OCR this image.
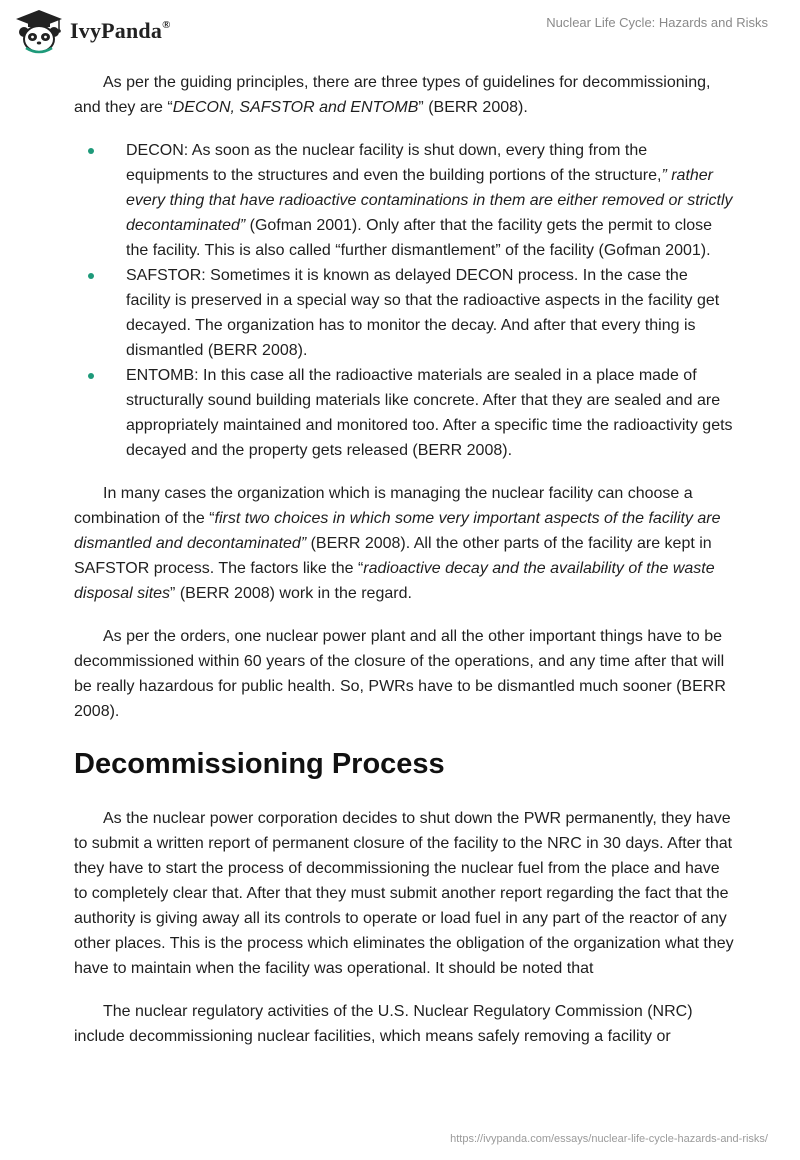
IvyPanda®	Nuclear Life Cycle: Hazards and Risks

As per the guiding principles, there are three types of guidelines for decommissioning, and they are “DECON, SAFSTOR and ENTOMB” (BERR 2008).

DECON: As soon as the nuclear facility is shut down, every thing from the equipments to the structures and even the building portions of the structure,” rather every thing that have radioactive contaminations in them are either removed or strictly decontaminated” (Gofman 2001). Only after that the facility gets the permit to close the facility. This is also called “further dismantlement” of the facility (Gofman 2001).
SAFSTOR: Sometimes it is known as delayed DECON process. In the case the facility is preserved in a special way so that the radioactive aspects in the facility get decayed. The organization has to monitor the decay. And after that every thing is dismantled (BERR 2008).
ENTOMB: In this case all the radioactive materials are sealed in a place made of structurally sound building materials like concrete. After that they are sealed and are appropriately maintained and monitored too. After a specific time the radioactivity gets decayed and the property gets released (BERR 2008).

In many cases the organization which is managing the nuclear facility can choose a combination of the “first two choices in which some very important aspects of the facility are dismantled and decontaminated” (BERR 2008). All the other parts of the facility are kept in SAFSTOR process. The factors like the “radioactive decay and the availability of the waste disposal sites” (BERR 2008) work in the regard.

As per the orders, one nuclear power plant and all the other important things have to be decommissioned within 60 years of the closure of the operations, and any time after that will be really hazardous for public health. So, PWRs have to be dismantled much sooner (BERR 2008).

Decommissioning Process

As the nuclear power corporation decides to shut down the PWR permanently, they have to submit a written report of permanent closure of the facility to the NRC in 30 days. After that they have to start the process of decommissioning the nuclear fuel from the place and have to completely clear that. After that they must submit another report regarding the fact that the authority is giving away all its controls to operate or load fuel in any part of the reactor of any other places. This is the process which eliminates the obligation of the organization what they have to maintain when the facility was operational. It should be noted that

The nuclear regulatory activities of the U.S. Nuclear Regulatory Commission (NRC) include decommissioning nuclear facilities, which means safely removing a facility or

https://ivypanda.com/essays/nuclear-life-cycle-hazards-and-risks/
